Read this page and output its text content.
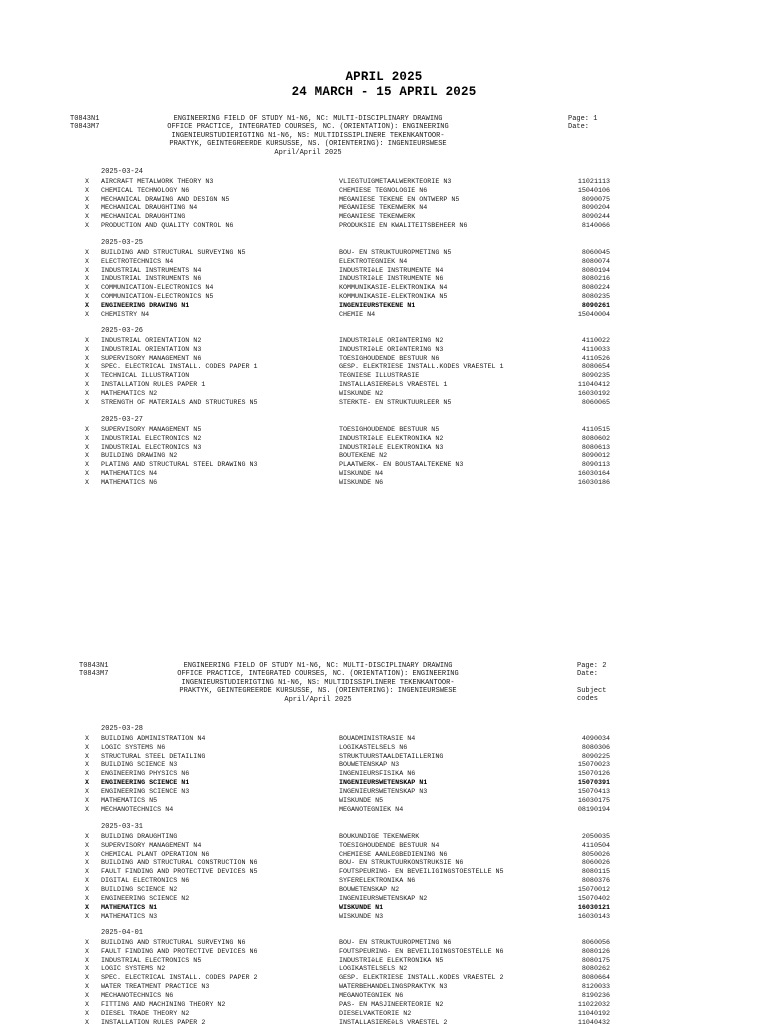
APRIL 2025
24 MARCH - 15 APRIL 2025
T0843N1
T0843M7
ENGINEERING FIELD OF STUDY N1-N6, NC: MULTI-DISCIPLINARY DRAWING
OFFICE PRACTICE, INTEGRATED COURSES, NC. (ORIENTATION): ENGINEERING
INGENIEURSTUDIERIGTING N1-N6, NS: MULTIDISSIPLINERE TEKENKANTOOR-
PRAKTYK, GEINTEGREERDE KURSUSSE, NS. (ORIENTERING): INGENIEURSWESE
April/April 2025
Page: 1
Date:
2025-03-24
X AIRCRAFT METALWORK THEORY N3	VLIEGTUIGMETAALWERKTEORIE N3	11021113
X CHEMICAL TECHNOLOGY N6	CHEMIESE TEGNOLOGIE N6	15040106
X MECHANICAL DRAWING AND DESIGN N5	MEGANIESE TEKENE EN ONTWERP N5	8090075
X MECHANICAL DRAUGHTING N4	MEGANIESE TEKENWERK N4	8090204
X MECHANICAL DRAUGHTING	MEGANIESE TEKENWERK	8090244
X PRODUCTION AND QUALITY CONTROL N6	PRODUKSIE EN KWALITEITSBEHEER N6	8140066
2025-03-25
X BUILDING AND STRUCTURAL SURVEYING N5	BOU- EN STRUKTUUROPMETING N5	8060045
X ELECTROTECHNICS N4	ELEKTROTEGNIEK N4	8080074
X INDUSTRIAL INSTRUMENTS N4	INDUSTRIëLE INSTRUMENTE N4	8080194
X INDUSTRIAL INSTRUMENTS N6	INDUSTRIëLE INSTRUMENTE N6	8080216
X COMMUNICATION-ELECTRONICS N4	KOMMUNIKASIE-ELEKTRONIKA N4	8080224
X COMMUNICATION-ELECTRONICS N5	KOMMUNIKASIE-ELEKTRONIKA N5	8080235
X ENGINEERING DRAWING N1	INGENIEURSTEKENE N1	8090261
X CHEMISTRY N4	CHEMIE N4	15040004
2025-03-26
X INDUSTRIAL ORIENTATION N2	INDUSTRIëLE ORIëNTERING N2	4110022
X INDUSTRIAL ORIENTATION N3	INDUSTRIëLE ORIëNTERING N3	4110033
X SUPERVISORY MANAGEMENT N6	TOESIGHOUDENDE BESTUUR N6	4110526
X SPEC. ELECTRICAL INSTALL. CODES PAPER 1	GESP. ELEKTRIESE INSTALL.KODES VRAESTEL 1	8080654
X TECHNICAL ILLUSTRATION	TEGNIESE ILLUSTRASIE	8090235
X INSTALLATION RULES PAPER 1	INSTALLASIEREëLS VRAESTEL 1	11040412
X MATHEMATICS N2	WISKUNDE N2	16030192
X STRENGTH OF MATERIALS AND STRUCTURES N5	STERKTE- EN STRUKTUURLEER N5	8060065
2025-03-27
X SUPERVISORY MANAGEMENT N5	TOESIGHOUDENDE BESTUUR N5	4110515
X INDUSTRIAL ELECTRONICS N2	INDUSTRIëLE ELEKTRONIKA N2	8080602
X INDUSTRIAL ELECTRONICS N3	INDUSTRIëLE ELEKTRONIKA N3	8080613
X BUILDING DRAWING N2	BOUTEKENE N2	8090012
X PLATING AND STRUCTURAL STEEL DRAWING N3	PLAATWERK- EN BOUSTAALTEKENE N3	8090113
X MATHEMATICS N4	WISKUNDE N4	16030164
X MATHEMATICS N6	WISKUNDE N6	16030186
T0843N1
T0843M7
ENGINEERING FIELD OF STUDY N1-N6, NC: MULTI-DISCIPLINARY DRAWING
OFFICE PRACTICE, INTEGRATED COURSES, NC. (ORIENTATION): ENGINEERING
INGENIEURSTUDIERIGTING N1-N6, NS: MULTIDISSIPLINERE TEKENKANTOOR-
PRAKTYK, GEINTEGREERDE KURSUSSE, NS. (ORIENTERING): INGENIEURSWESE
April/April 2025
Page: 2
Date:
Subject
codes
2025-03-28
X BUILDING ADMINISTRATION N4	BOUADMINISTRASIE N4	4090034
X LOGIC SYSTEMS N6	LOGIKASTELSELS N6	8080306
X STRUCTURAL STEEL DETAILING	STRUKTUURSTAALDETAILLERING	8090225
X BUILDING SCIENCE N3	BOUWETENSKAP N3	15070023
X ENGINEERING PHYSICS N6	INGENIEURSFISIKA N6	15070126
X ENGINEERING SCIENCE N1	INGENIEURSWETENSKAP N1	15070391
X ENGINEERING SCIENCE N3	INGENIEURSWETENSKAP N3	15070413
X MATHEMATICS N5	WISKUNDE N5	16030175
X MECHANOTECHNICS N4	MEGANOTEGNIEK N4	08190194
2025-03-31
X BUILDING DRAUGHTING	BOUKUNDIGE TEKENWERK	2050035
X SUPERVISORY MANAGEMENT N4	TOESIGHOUDENDE BESTUUR N4	4110504
X CHEMICAL PLANT OPERATION N6	CHEMIESE AANLEGBEDIENING N6	8050026
X BUILDING AND STRUCTURAL CONSTRUCTION N6	BOU- EN STRUKTUURKONSTRUKSIE N6	8060026
X FAULT FINDING AND PROTECTIVE DEVICES N5	FOUTSPEURING- EN BEVEILIGINGSTOESTELLE N5	8080115
X DIGITAL ELECTRONICS N6	SYFERELEKTRONIKA N6	8080376
X BUILDING SCIENCE N2	BOUWETENSKAP N2	15070012
X ENGINEERING SCIENCE N2	INGENIEURSWETENSKAP N2	15070402
X MATHEMATICS N1	WISKUNDE N1	16030121
X MATHEMATICS N3	WISKUNDE N3	16030143
2025-04-01
X BUILDING AND STRUCTURAL SURVEYING N6	BOU- EN STRUKTUUROPMETING N6	8060056
X FAULT FINDING AND PROTECTIVE DEVICES N6	FOUTSPEURING- EN BEVEILIGINGSTOESTELLE N6	8080126
X INDUSTRIAL ELECTRONICS N5	INDUSTRIëLE ELEKTRONIKA N5	8080175
X LOGIC SYSTEMS N2	LOGIKASTELSELS N2	8080262
X SPEC. ELECTRICAL INSTALL. CODES PAPER 2	GESP. ELEKTRIESE INSTALL.KODES VRAESTEL 2	8080664
X WATER TREATMENT PRACTICE N3	WATERBEHANDELINGSPRAKTYK N3	8120033
X MECHANOTECHNICS N6	MEGANOTEGNIEK N6	8190236
X FITTING AND MACHINING THEORY N2	PAS- EN MASJINEERTEORIE N2	11022032
X DIESEL TRADE THEORY N2	DIESELVAKTEORIE N2	11040192
X INSTALLATION RULES PAPER 2	INSTALLASIEREëLS VRAESTEL 2	11040432
